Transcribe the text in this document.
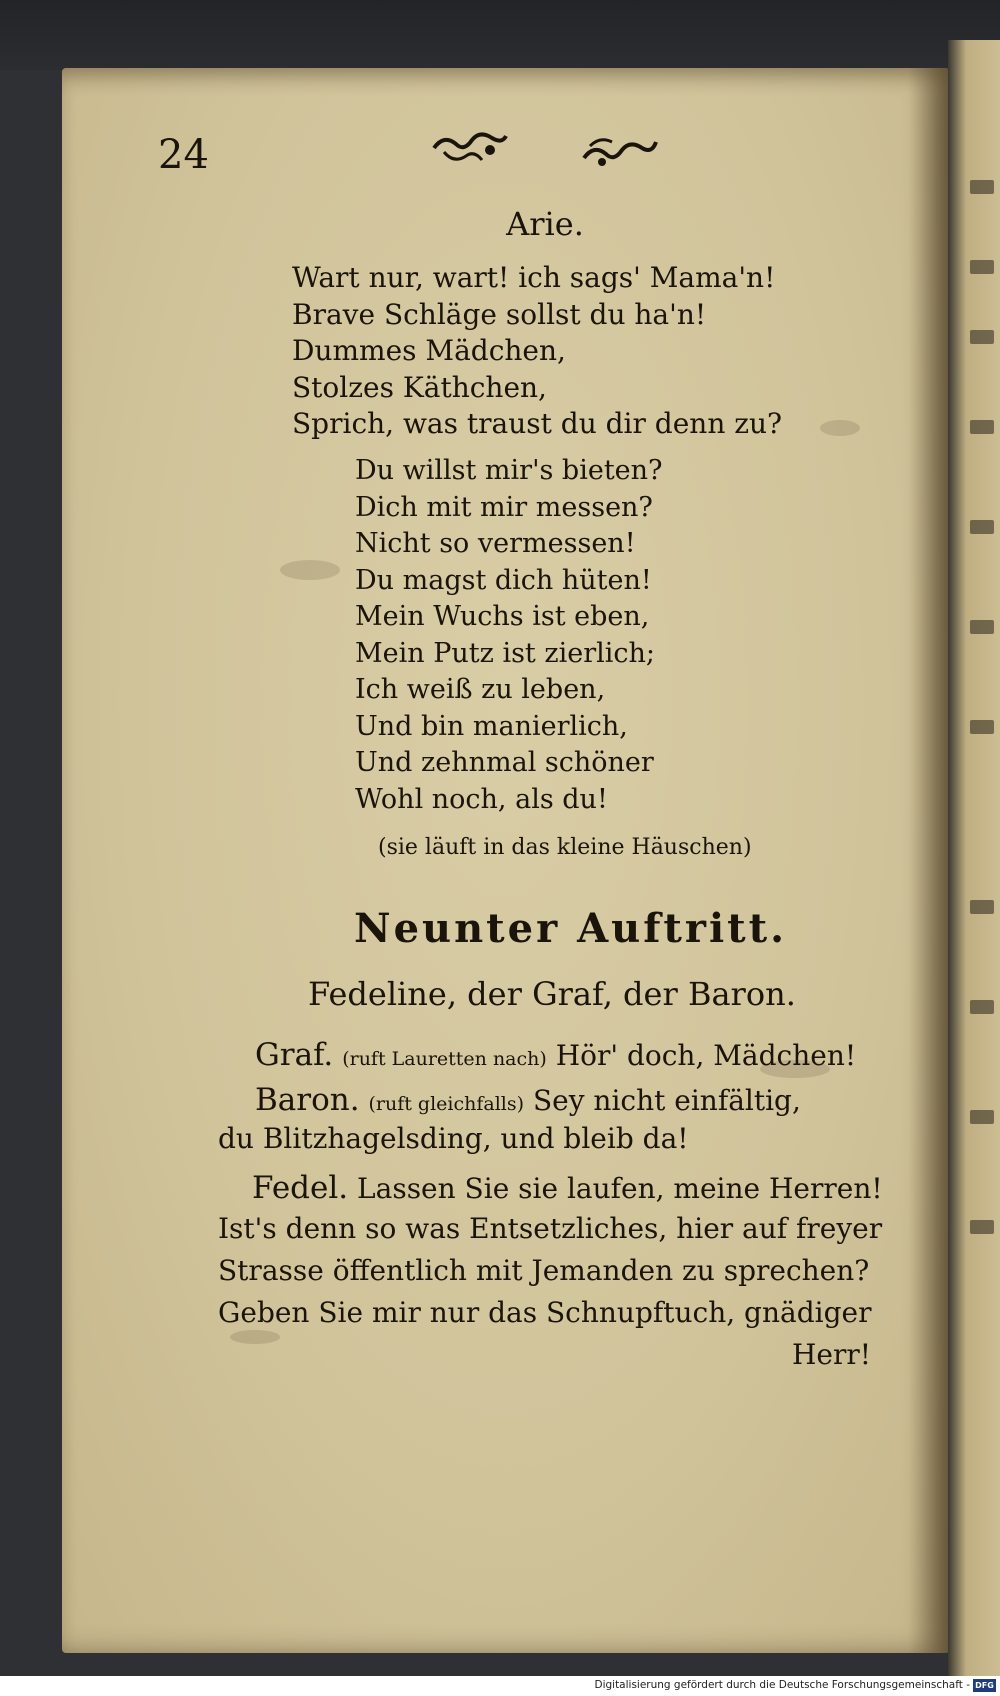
24
Arie.
Wart nur, wart! ich sags' Mama'n!
Brave Schläge sollst du ha'n!
Dummes Mädchen,
Stolzes Käthchen,
Sprich, was traust du dir denn zu?
Du willst mir's bieten?
Dich mit mir messen?
Nicht so vermessen!
Du magst dich hüten!
Mein Wuchs ist eben,
Mein Putz ist zierlich;
Ich weiß zu leben,
Und bin manierlich,
Und zehnmal schöner
Wohl noch, als du!
(sie läuft in das kleine Häuschen)
Neunter Auftritt.
Fedeline, der Graf, der Baron.
Graf. (ruft Lauretten nach) Hör' doch, Mädchen!
Baron. (ruft gleichfalls) Sey nicht einfältig,
du Blitzhagelsding, und bleib da!
Fedel. Lassen Sie sie laufen, meine Herren!
Ist's denn so was Entsetzliches, hier auf freyer
Strasse öffentlich mit Jemanden zu sprechen?
Geben Sie mir nur das Schnupftuch, gnädiger
Herr!
Digitalisierung gefördert durch die Deutsche Forschungsgemeinschaft - DFG
